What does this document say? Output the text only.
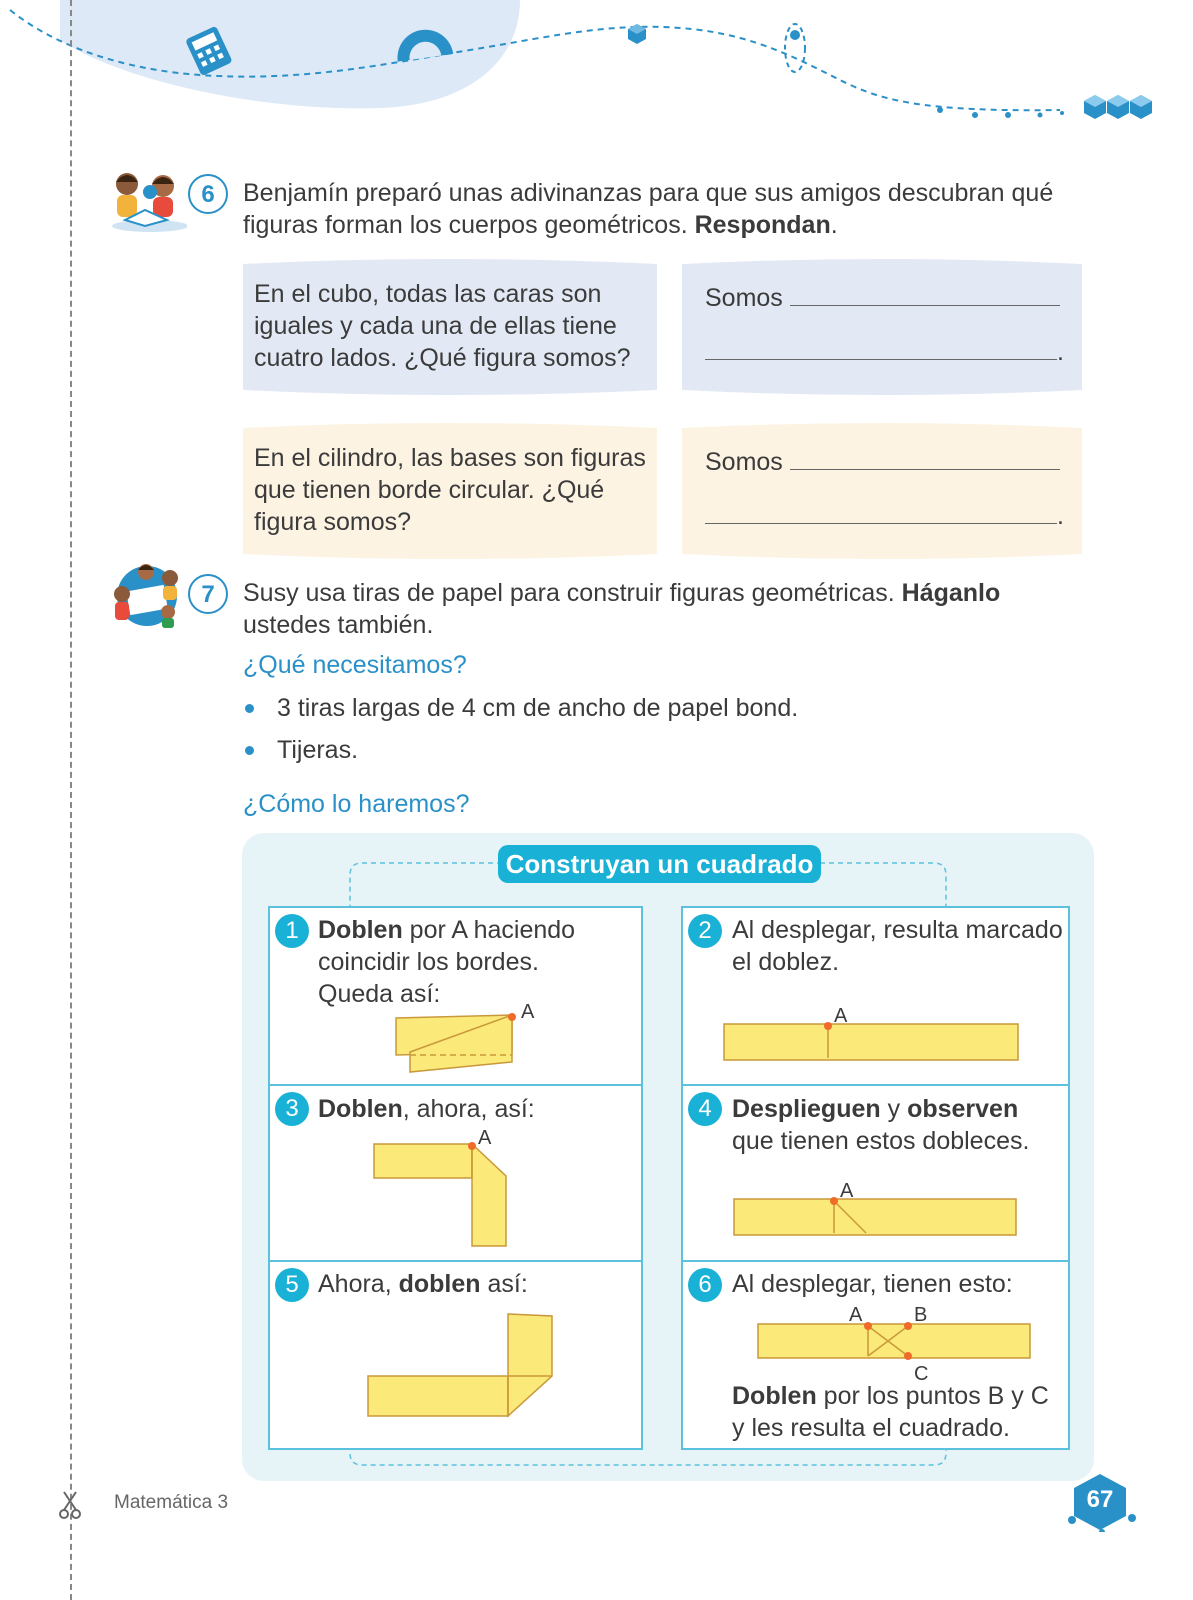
6	Benjamín preparó unas adivinanzas para que sus amigos descubran qué
figuras forman los cuerpos geométricos. Respondan.
En el cubo, todas las caras son
iguales y cada una de ellas tiene
cuatro lados. ¿Qué figura somos?
Somos
.
En el cilindro, las bases son figuras
que tienen borde circular. ¿Qué
figura somos?
Somos
.
7	Susy usa tiras de papel para construir figuras geométricas. Háganlo
ustedes también.
¿Qué necesitamos?
3 tiras largas de 4 cm de ancho de papel bond.
Tijeras.
¿Cómo lo haremos?
Construyan un cuadrado
1 Doblen por A haciendo
coincidir los bordes.
Queda así:
A
2 Al desplegar, resulta marcado
el doblez.
A
3 Doblen, ahora, así:
A
4 Desplieguen y observen
que tienen estos dobleces.
A
5 Ahora, doblen así:	6 Al desplegar, tienen esto:
A	B
C
Doblen por los puntos B y C
y les resulta el cuadrado.
Matemática 3	67
